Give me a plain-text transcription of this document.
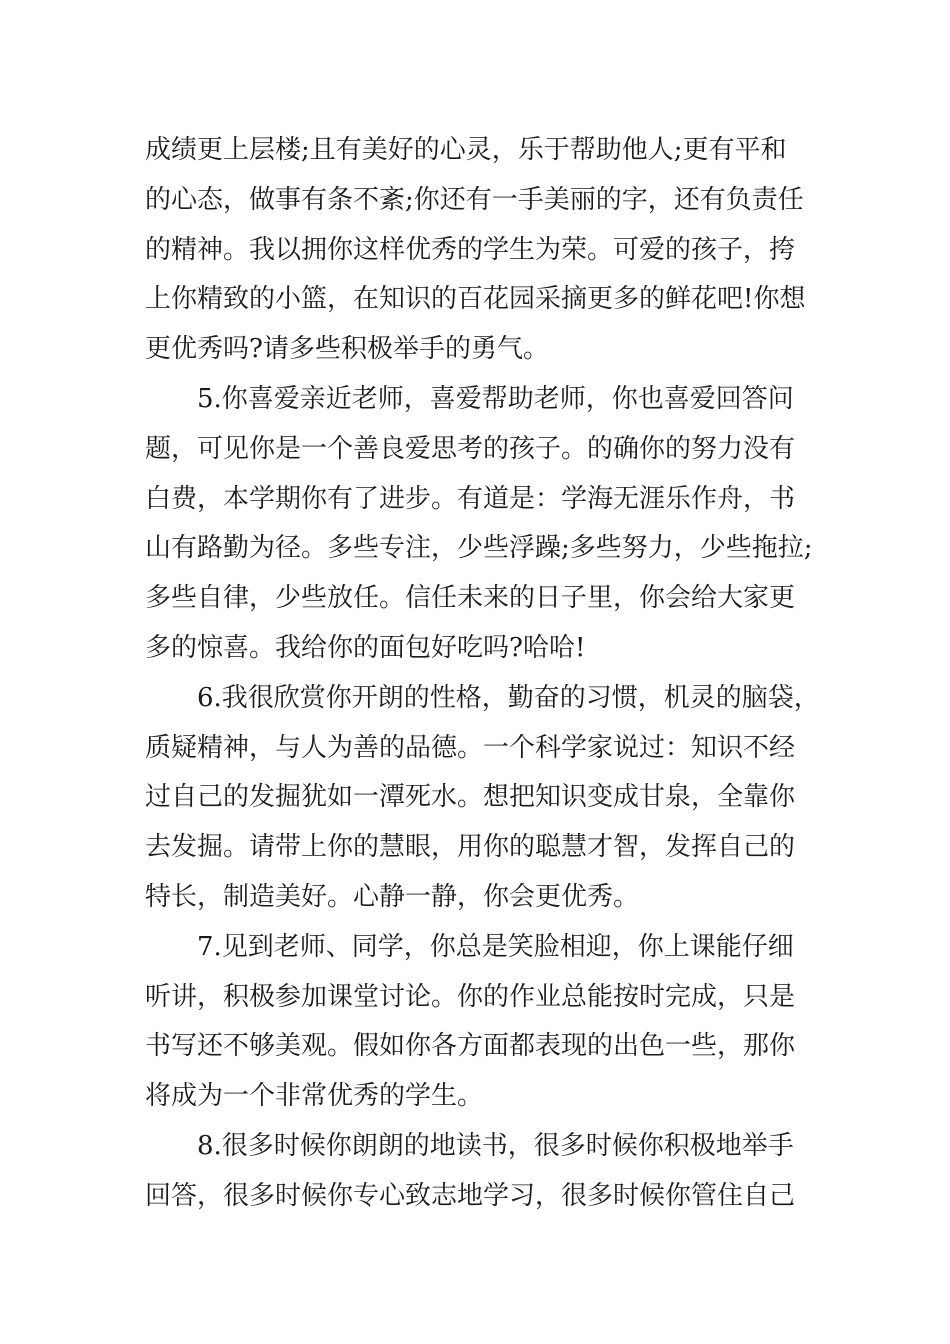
成绩更上层楼;且有美好的心灵，乐于帮助他人;更有平和
的心态，做事有条不紊;你还有一手美丽的字，还有负责任
的精神。我以拥你这样优秀的学生为荣。可爱的孩子，挎
上你精致的小篮，在知识的百花园采摘更多的鲜花吧!你想
更优秀吗?请多些积极举手的勇气。
5.你喜爱亲近老师，喜爱帮助老师，你也喜爱回答问
题，可见你是一个善良爱思考的孩子。的确你的努力没有
白费，本学期你有了进步。有道是：学海无涯乐作舟，书
山有路勤为径。多些专注，少些浮躁;多些努力，少些拖拉;
多些自律，少些放任。信任未来的日子里，你会给大家更
多的惊喜。我给你的面包好吃吗?哈哈!
6.我很欣赏你开朗的性格，勤奋的习惯，机灵的脑袋，
质疑精神，与人为善的品德。一个科学家说过：知识不经
过自己的发掘犹如一潭死水。想把知识变成甘泉，全靠你
去发掘。请带上你的慧眼，用你的聪慧才智，发挥自己的
特长，制造美好。心静一静，你会更优秀。
7.见到老师、同学，你总是笑脸相迎，你上课能仔细
听讲，积极参加课堂讨论。你的作业总能按时完成，只是
书写还不够美观。假如你各方面都表现的出色一些，那你
将成为一个非常优秀的学生。
8.很多时候你朗朗的地读书，很多时候你积极地举手
回答，很多时候你专心致志地学习，很多时候你管住自己
